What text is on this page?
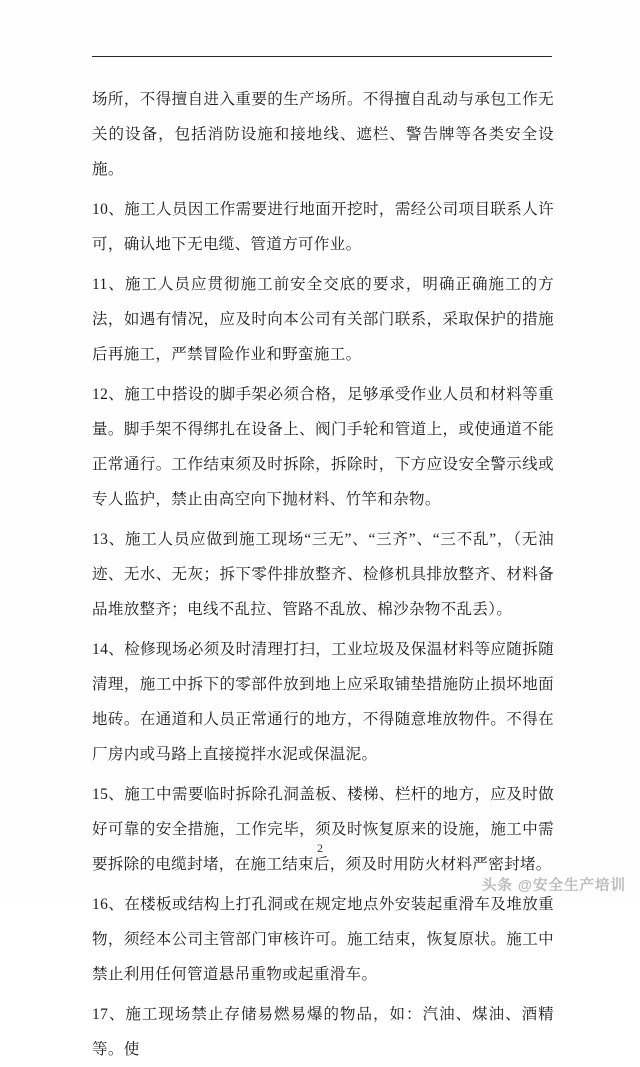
场所，不得擅自进入重要的生产场所。不得擅自乱动与承包工作无关的设备，包括消防设施和接地线、遮栏、警告牌等各类安全设施。

10、施工人员因工作需要进行地面开挖时，需经公司项目联系人许可，确认地下无电缆、管道方可作业。

11、施工人员应贯彻施工前安全交底的要求，明确正确施工的方法，如遇有情况，应及时向本公司有关部门联系，采取保护的措施后再施工，严禁冒险作业和野蛮施工。

12、施工中搭设的脚手架必须合格，足够承受作业人员和材料等重量。脚手架不得绑扎在设备上、阀门手轮和管道上，或使通道不能正常通行。工作结束须及时拆除，拆除时，下方应设安全警示线或专人监护，禁止由高空向下抛材料、竹竿和杂物。

13、施工人员应做到施工现场“三无”、“三齐”、“三不乱”，（无油迹、无水、无灰；拆下零件排放整齐、检修机具排放整齐、材料备品堆放整齐；电线不乱拉、管路不乱放、棉沙杂物不乱丢）。

14、检修现场必须及时清理打扫，工业垃圾及保温材料等应随拆随清理，施工中拆下的零部件放到地上应采取铺垫措施防止损坏地面地砖。在通道和人员正常通行的地方，不得随意堆放物件。不得在厂房内或马路上直接搅拌水泥或保温泥。

15、施工中需要临时拆除孔洞盖板、楼梯、栏杆的地方，应及时做好可靠的安全措施，工作完毕，须及时恢复原来的设施，施工中需要拆除的电缆封堵，在施工结束后，须及时用防火材料严密封堵。

16、在楼板或结构上打孔洞或在规定地点外安装起重滑车及堆放重物，须经本公司主管部门审核许可。施工结束，恢复原状。施工中禁止利用任何管道悬吊重物或起重滑车。

17、施工现场禁止存储易燃易爆的物品，如：汽油、煤油、酒精等。使

2
头条 @安全生产培训
